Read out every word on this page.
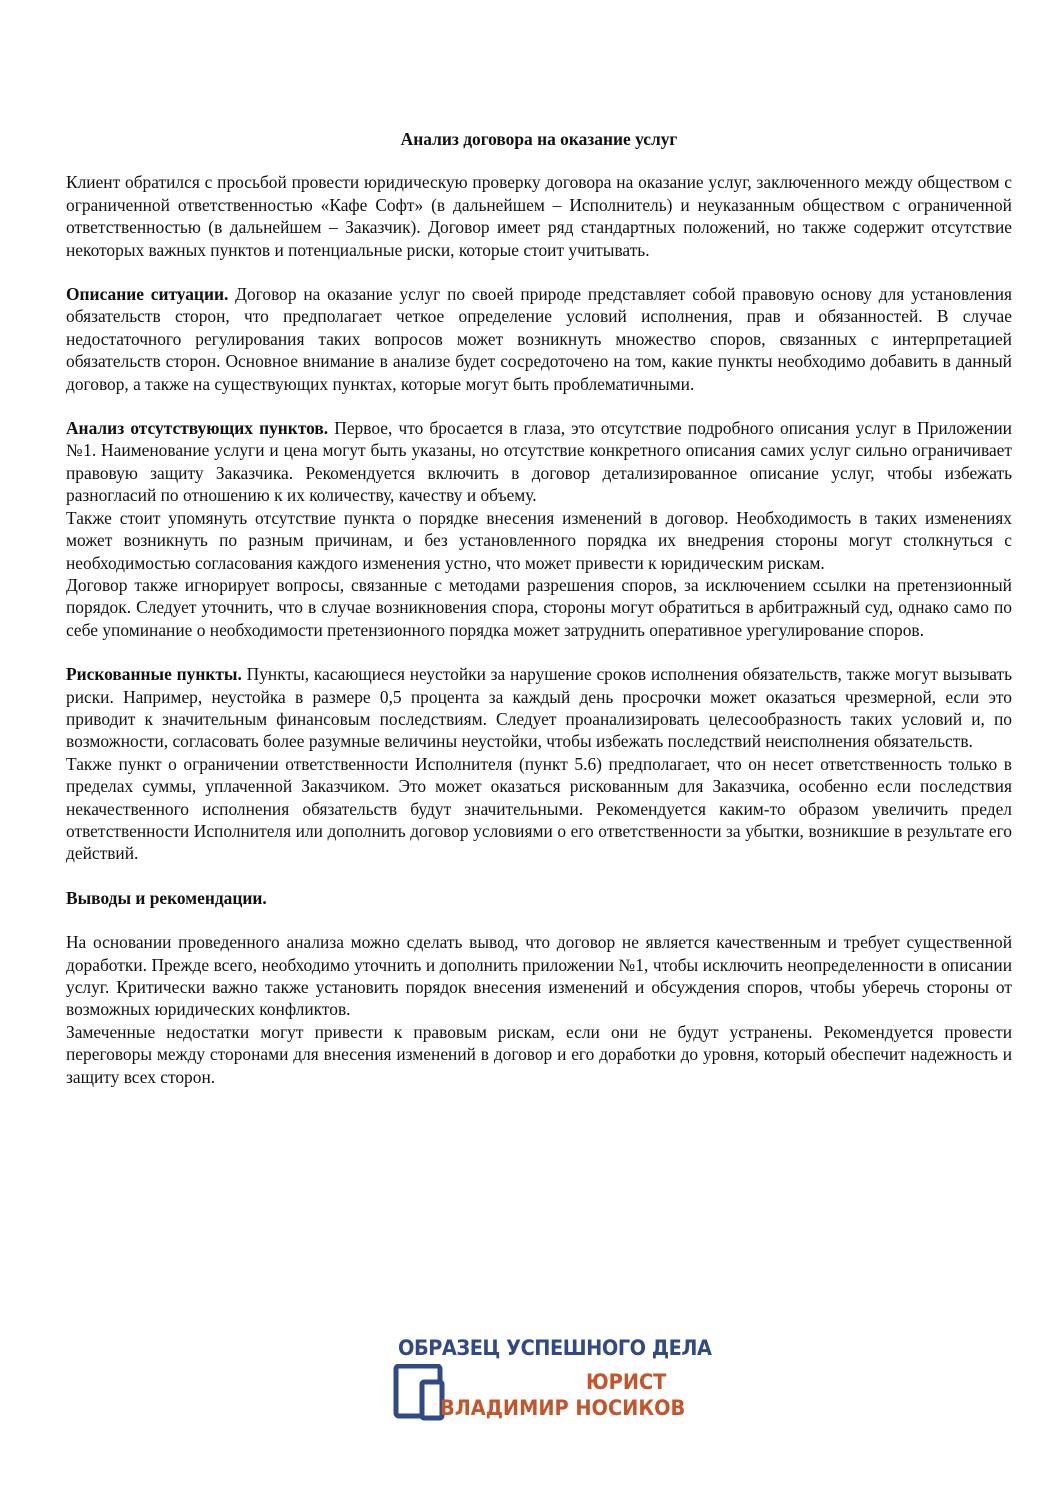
Анализ договора на оказание услуг

Клиент обратился с просьбой провести юридическую проверку договора на оказание услуг, заключенного между обществом с ограниченной ответственностью «Кафе Софт» (в дальнейшем – Исполнитель) и неуказанным обществом с ограниченной ответственностью (в дальнейшем – Заказчик). Договор имеет ряд стандартных положений, но также содержит отсутствие некоторых важных пунктов и потенциальные риски, которые стоит учитывать.

Описание ситуации. Договор на оказание услуг по своей природе представляет собой правовую основу для установления обязательств сторон, что предполагает четкое определение условий исполнения, прав и обязанностей. В случае недостаточного регулирования таких вопросов может возникнуть множество споров, связанных с интерпретацией обязательств сторон. Основное внимание в анализе будет сосредоточено на том, какие пункты необходимо добавить в данный договор, а также на существующих пунктах, которые могут быть проблематичными.

Анализ отсутствующих пунктов. Первое, что бросается в глаза, это отсутствие подробного описания услуг в Приложении №1. Наименование услуги и цена могут быть указаны, но отсутствие конкретного описания самих услуг сильно ограничивает правовую защиту Заказчика. Рекомендуется включить в договор детализированное описание услуг, чтобы избежать разногласий по отношению к их количеству, качеству и объему.

Также стоит упомянуть отсутствие пункта о порядке внесения изменений в договор. Необходимость в таких изменениях может возникнуть по разным причинам, и без установленного порядка их внедрения стороны могут столкнуться с необходимостью согласования каждого изменения устно, что может привести к юридическим рискам.

Договор также игнорирует вопросы, связанные с методами разрешения споров, за исключением ссылки на претензионный порядок. Следует уточнить, что в случае возникновения спора, стороны могут обратиться в арбитражный суд, однако само по себе упоминание о необходимости претензионного порядка может затруднить оперативное урегулирование споров.

Рискованные пункты. Пункты, касающиеся неустойки за нарушение сроков исполнения обязательств, также могут вызывать риски. Например, неустойка в размере 0,5 процента за каждый день просрочки может оказаться чрезмерной, если это приводит к значительным финансовым последствиям. Следует проанализировать целесообразность таких условий и, по возможности, согласовать более разумные величины неустойки, чтобы избежать последствий неисполнения обязательств.

Также пункт о ограничении ответственности Исполнителя (пункт 5.6) предполагает, что он несет ответственность только в пределах суммы, уплаченной Заказчиком. Это может оказаться рискованным для Заказчика, особенно если последствия некачественного исполнения обязательств будут значительными. Рекомендуется каким-то образом увеличить предел ответственности Исполнителя или дополнить договор условиями о его ответственности за убытки, возникшие в результате его действий.

Выводы и рекомендации.

На основании проведенного анализа можно сделать вывод, что договор не является качественным и требует существенной доработки. Прежде всего, необходимо уточнить и дополнить приложении №1, чтобы исключить неопределенности в описании услуг. Критически важно также установить порядок внесения изменений и обсуждения споров, чтобы уберечь стороны от возможных юридических конфликтов.

Замеченные недостатки могут привести к правовым рискам, если они не будут устранены. Рекомендуется провести переговоры между сторонами для внесения изменений в договор и его доработки до уровня, который обеспечит надежность и защиту всех сторон.

ОБРАЗЕЦ УСПЕШНОГО ДЕЛА
ЮРИСТ
ВЛАДИМИР НОСИКОВ
